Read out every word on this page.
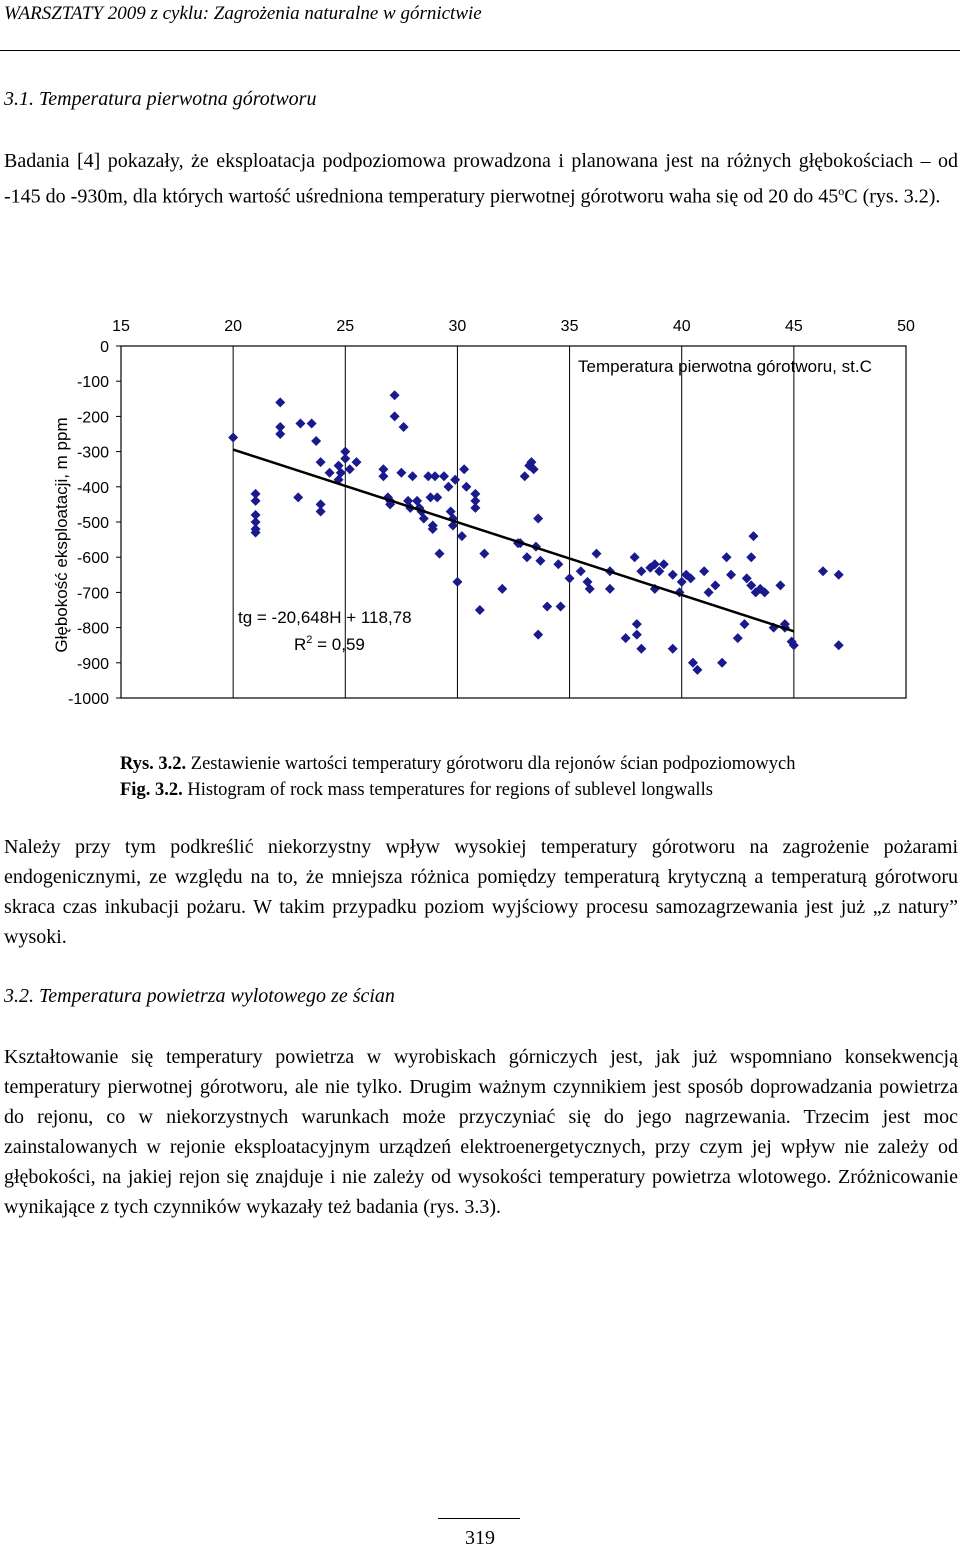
WARSZTATY 2009 z cyklu: Zagrożenia naturalne w górnictwie
3.1. Temperatura pierwotna górotworu
Badania [4] pokazały, że eksploatacja podpoziomowa prowadzona i planowana jest na różnych głębokościach – od -145 do -930m, dla których wartość uśredniona temperatury pierwotnej górotworu waha się od 20 do 45$^o$C (rys. 3.2).
15	20	25	30	35	40	45	50
0
-100
-200
-300
-400
-500
-600
-700
-800
-900
-1000
Temperatura pierwotna górotworu, st.C
tg = -20,648H + 118,78
$R^2 = 0,59$
Głębokość eksploatacji, m ppm
Rys. 3.2. Zestawienie wartości temperatury górotworu dla rejonów ścian podpoziomowych
Fig. 3.2. Histogram of rock mass temperatures for regions of sublevel longwalls
Należy przy tym podkreślić niekorzystny wpływ wysokiej temperatury górotworu na zagrożenie pożarami endogenicznymi, ze względu na to, że mniejsza różnica pomiędzy temperaturą krytyczną a temperaturą górotworu skraca czas inkubacji pożaru. W takim przypadku poziom wyjściowy procesu samozagrzewania jest już „z natury” wysoki.
3.2. Temperatura powietrza wylotowego ze ścian
Kształtowanie się temperatury powietrza w wyrobiskach górniczych jest, jak już wspomniano konsekwencją temperatury pierwotnej górotworu, ale nie tylko. Drugim ważnym czynnikiem jest sposób doprowadzania powietrza do rejonu, co w niekorzystnych warunkach może przyczyniać się do jego nagrzewania. Trzecim jest moc zainstalowanych w rejonie eksploatacyjnym urządzeń elektroenergetycznych, przy czym jej wpływ nie zależy od głębokości, na jakiej rejon się znajduje i nie zależy od wysokości temperatury powietrza wlotowego. Zróżnicowanie wynikające z tych czynników wykazały też badania (rys. 3.3).
319
